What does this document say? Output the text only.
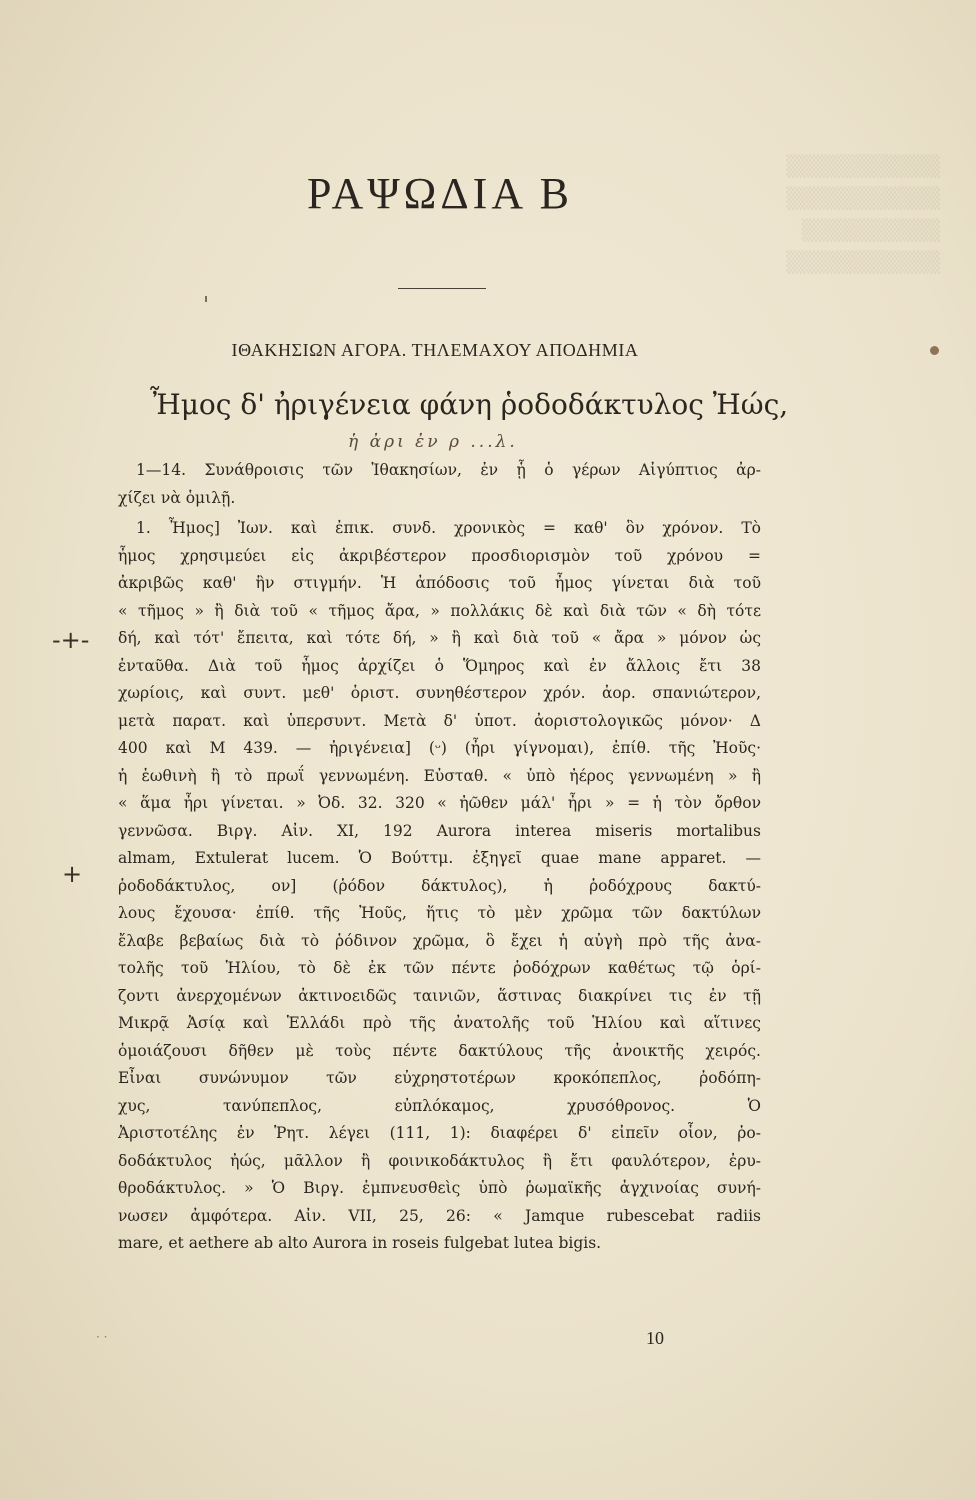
▒▒▒▒▒▒▒▒▒▒
▒▒▒▒▒▒▒▒▒▒
▒▒▒▒▒▒▒▒▒
▒▒▒▒▒▒▒▒▒▒
ΡΑΨΩΔΙΑ Β
ΙΘΑΚΗΣΙΩΝ ΑΓΟΡΑ. ΤΗΛΕΜΑΧΟΥ ΑΠΟΔΗΜΙΑ
Ἦμος δ' ἠριγένεια φάνη ῥοδοδάκτυλος Ἠώς,
ἡ ἀρι ἐν ρ ...λ.
-+-
+
1—14. Συνάθροισις τῶν Ἰθακησίων, ἐν ᾗ ὁ γέρων Αἰγύπτιος ἀρ-
χίζει νὰ ὁμιλῇ.
1. Ἦμος] Ἰων. καὶ ἐπικ. συνδ. χρονικὸς = καθ' ὃν χρόνον. Τὸ
ἦμος χρησιμεύει εἰς ἀκριβέστερον προσδιορισμὸν τοῦ χρόνου =
ἀκριβῶς καθ' ἣν στιγμήν. Ἡ ἀπόδοσις τοῦ ἦμος γίνεται διὰ τοῦ
« τῆμος » ἢ διὰ τοῦ « τῆμος ἄρα, » πολλάκις δὲ καὶ διὰ τῶν « δὴ τότε
δή, καὶ τότ' ἔπειτα, καὶ τότε δή, » ἢ καὶ διὰ τοῦ « ἄρα » μόνον ὡς
ἐνταῦθα. Διὰ τοῦ ἦμος ἀρχίζει ὁ Ὅμηρος καὶ ἐν ἄλλοις ἔτι 38
χωρίοις, καὶ συντ. μεθ' ὁριστ. συνηθέστερον χρόν. ἀορ. σπανιώτερον,
μετὰ παρατ. καὶ ὑπερσυντ. Μετὰ δ' ὑποτ. ἀοριστολογικῶς μόνον· Δ
400 καὶ Μ 439. — ἠριγένεια] (ᵕ) (ἦρι γίγνομαι), ἐπίθ. τῆς Ἠοῦς·
ἡ ἑωθινὴ ἢ τὸ πρωΐ γεννωμένη. Εὐσταθ. « ὑπὸ ἠέρος γεννωμένη » ἢ
« ἅμα ἦρι γίνεται. » Ὀδ. 32. 320 « ἠῶθεν μάλ' ἦρι » = ἡ τὸν ὄρθον
γεννῶσα. Βιργ. Αἰν. XI, 192 Aurora interea miseris mortalibus
almam, Extulerat lucem. Ὁ Βούττμ. ἐξηγεῖ quae mane apparet. —
ῥοδοδάκτυλος, ον] (ῥόδον δάκτυλος), ἡ ῥοδόχρους δακτύ-
λους ἔχουσα· ἐπίθ. τῆς Ἠοῦς, ἥτις τὸ μὲν χρῶμα τῶν δακτύλων
ἔλαβε βεβαίως διὰ τὸ ῥόδινον χρῶμα, ὃ ἔχει ἡ αὐγὴ πρὸ τῆς ἀνα-
τολῆς τοῦ Ἡλίου, τὸ δὲ ἐκ τῶν πέντε ῥοδόχρων καθέτως τῷ ὁρί-
ζοντι ἀνερχομένων ἀκτινοειδῶς ταινιῶν, ἅστινας διακρίνει τις ἐν τῇ
Μικρᾷ Ἀσίᾳ καὶ Ἑλλάδι πρὸ τῆς ἀνατολῆς τοῦ Ἡλίου καὶ αἵτινες
ὁμοιάζουσι δῆθεν μὲ τοὺς πέντε δακτύλους τῆς ἀνοικτῆς χειρός.
Εἶναι συνώνυμον τῶν εὐχρηστοτέρων κροκόπεπλος, ῥοδόπη-
χυς, τανύπεπλος, εὐπλόκαμος, χρυσόθρονος. Ὁ
Ἀριστοτέλης ἐν Ῥητ. λέγει (111, 1): διαφέρει δ' εἰπεῖν οἷον, ῥο-
δοδάκτυλος ἠώς, μᾶλλον ἢ φοινικοδάκτυλος ἢ ἔτι φαυλότερον, ἐρυ-
θροδάκτυλος. » Ὁ Βιργ. ἐμπνευσθεὶς ὑπὸ ῥωμαϊκῆς ἀγχινοίας συνή-
νωσεν ἀμφότερα. Αἰν. VII, 25, 26: « Jamque rubescebat radiis
mare, et aethere ab alto Aurora in roseis fulgebat lutea bigis.
· ·	10
